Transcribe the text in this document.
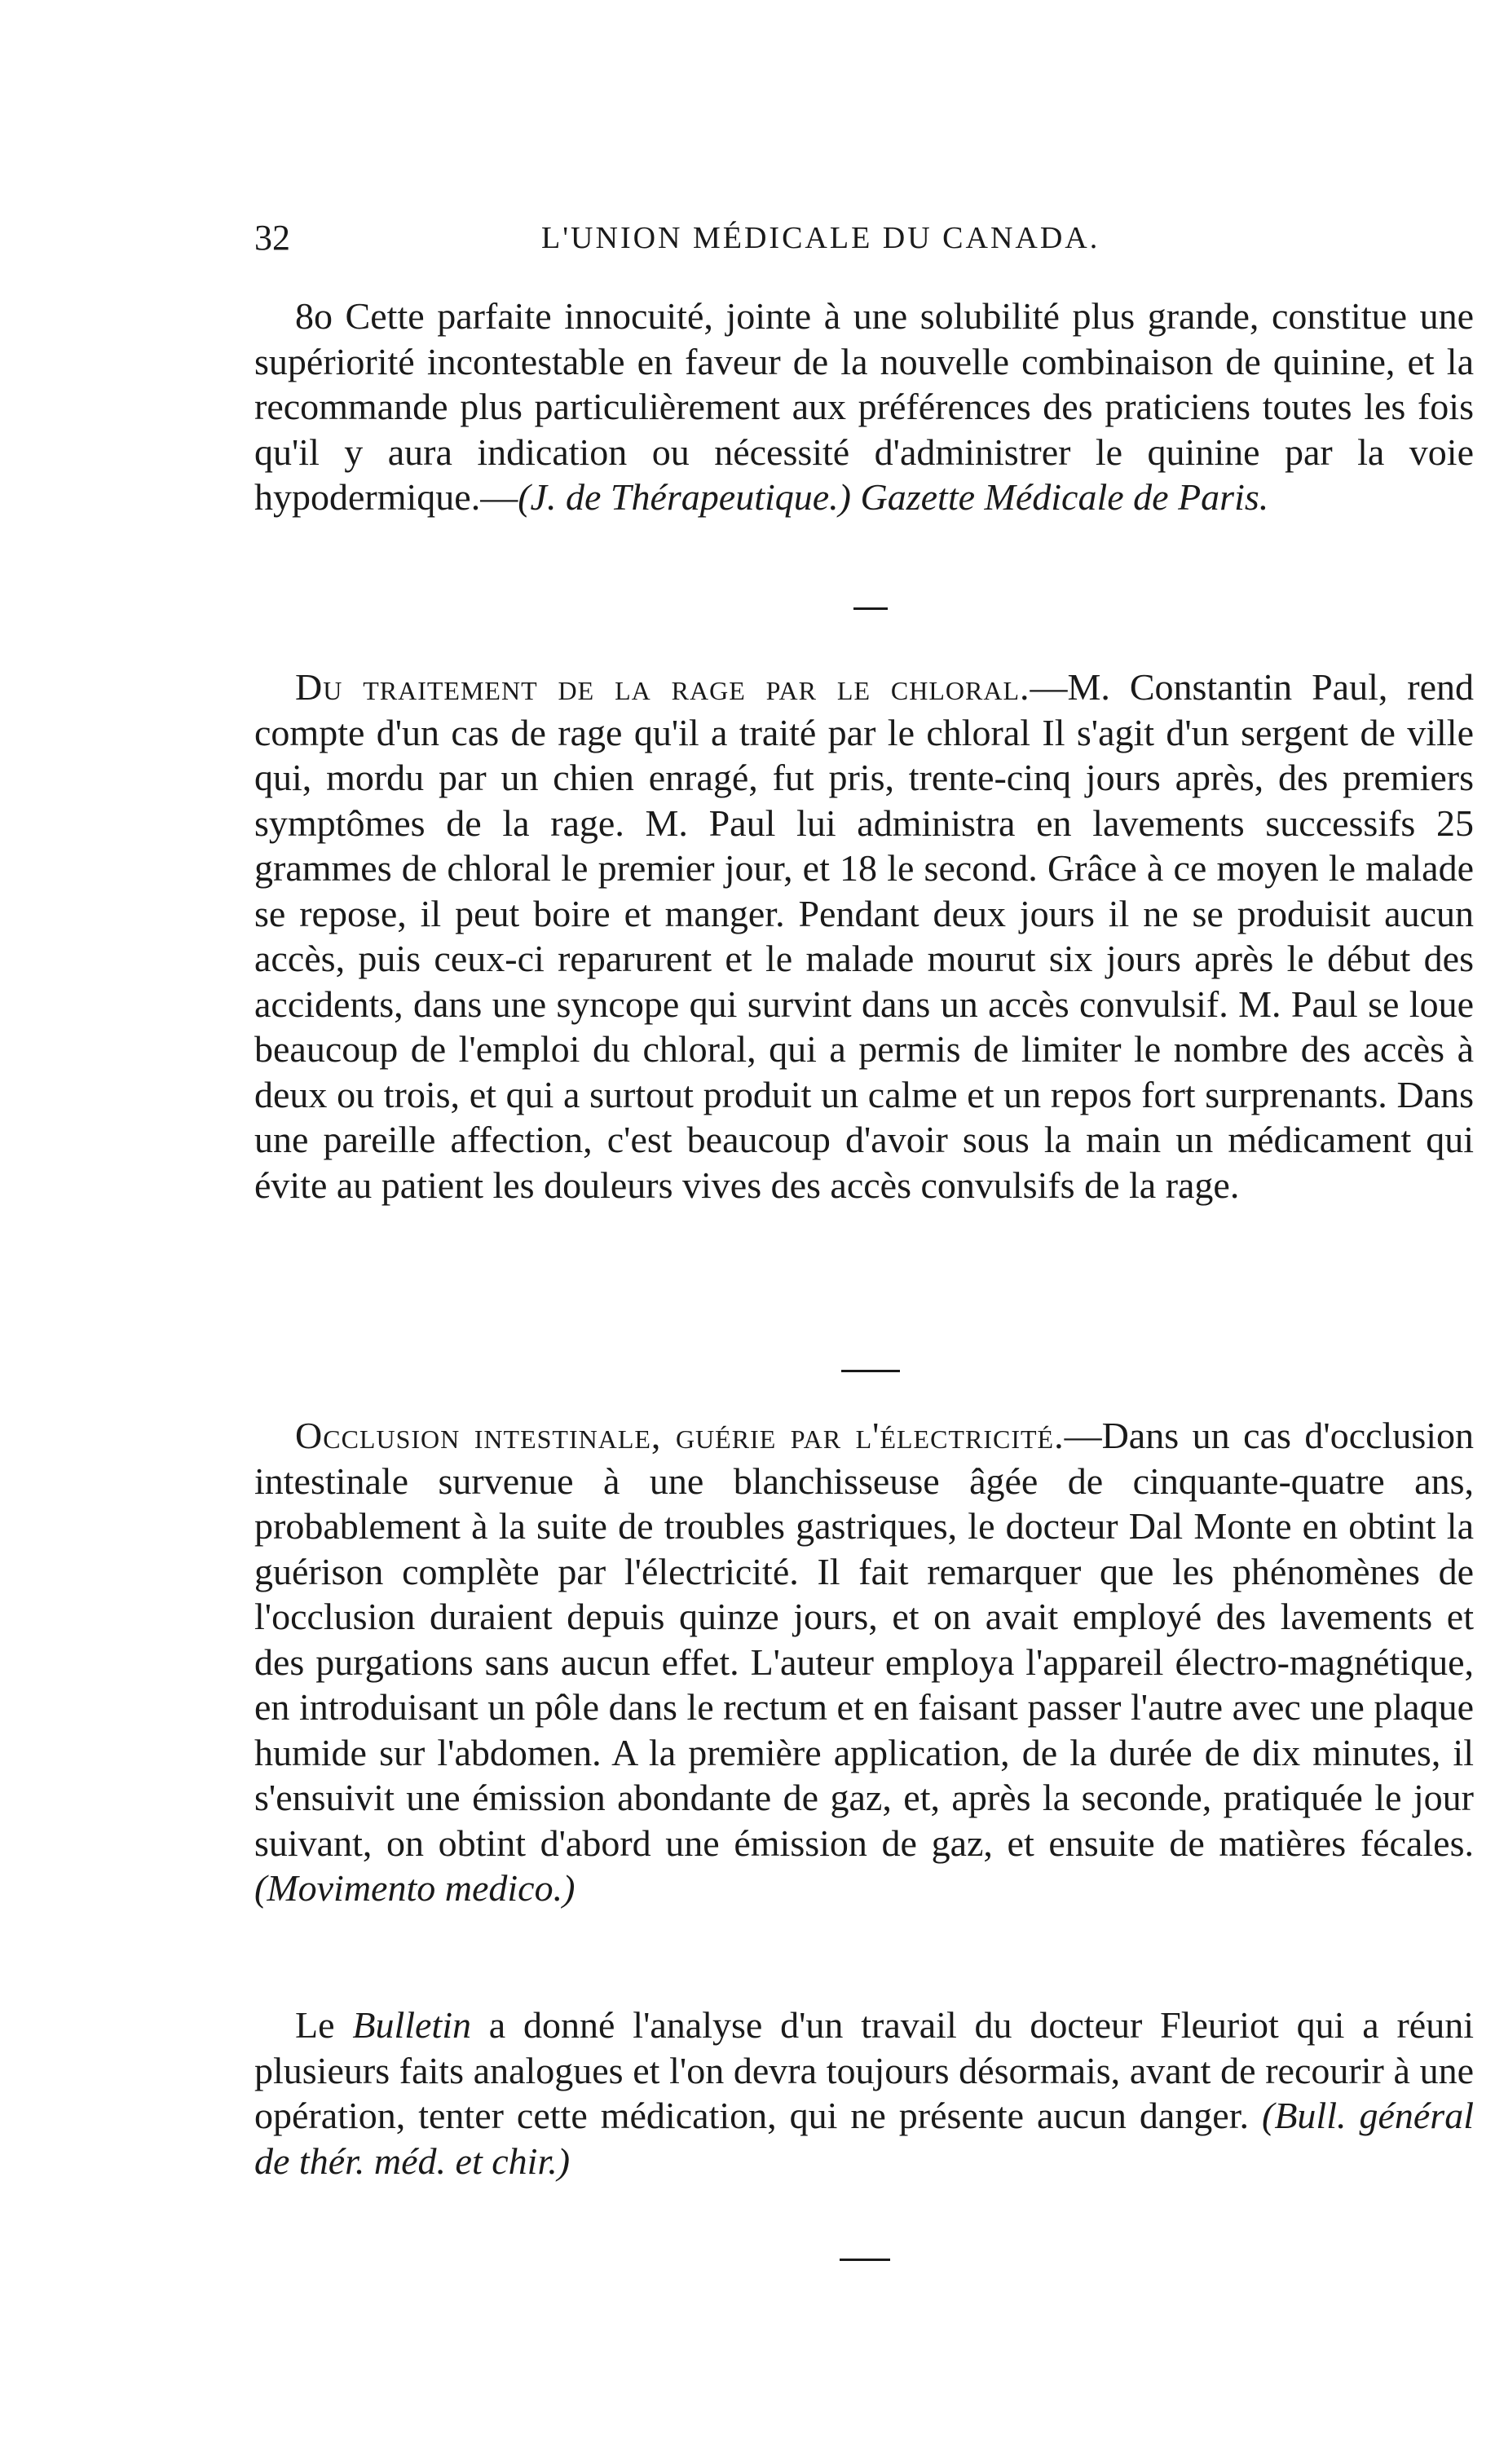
32	L'UNION MÉDICALE DU CANADA.

8o Cette parfaite innocuité, jointe à une solubilité plus grande, constitue une supériorité incontestable en faveur de la nouvelle combinaison de quinine, et la recommande plus particulièrement aux préférences des praticiens toutes les fois qu'il y aura indication ou nécessité d'administrer le quinine par la voie hypodermique.—(J. de Thérapeutique.) Gazette Médicale de Paris.

Du traitement de la rage par le chloral.—M. Constantin Paul, rend compte d'un cas de rage qu'il a traité par le chloral Il s'agit d'un sergent de ville qui, mordu par un chien enragé, fut pris, trente-cinq jours après, des premiers symptômes de la rage. M. Paul lui administra en lavements successifs 25 grammes de chloral le premier jour, et 18 le second. Grâce à ce moyen le malade se repose, il peut boire et manger. Pendant deux jours il ne se produisit aucun accès, puis ceux-ci reparurent et le malade mourut six jours après le début des accidents, dans une syncope qui survint dans un accès convulsif. M. Paul se loue beaucoup de l'emploi du chloral, qui a permis de limiter le nombre des accès à deux ou trois, et qui a surtout produit un calme et un repos fort surprenants. Dans une pareille affection, c'est beaucoup d'avoir sous la main un médicament qui évite au patient les douleurs vives des accès convulsifs de la rage.

Occlusion intestinale, guérie par l'électricité.—Dans un cas d'occlusion intestinale survenue à une blanchisseuse âgée de cinquante-quatre ans, probablement à la suite de troubles gastriques, le docteur Dal Monte en obtint la guérison complète par l'électricité. Il fait remarquer que les phénomènes de l'occlusion duraient depuis quinze jours, et on avait employé des lavements et des purgations sans aucun effet. L'auteur employa l'appareil électro-magnétique, en introduisant un pôle dans le rectum et en faisant passer l'autre avec une plaque humide sur l'abdomen. A la première application, de la durée de dix minutes, il s'ensuivit une émission abondante de gaz, et, après la seconde, pratiquée le jour suivant, on obtint d'abord une émission de gaz, et ensuite de matières fécales. (Movimento medico.)

Le Bulletin a donné l'analyse d'un travail du docteur Fleuriot qui a réuni plusieurs faits analogues et l'on devra toujours désormais, avant de recourir à une opération, tenter cette médication, qui ne présente aucun danger. (Bull. général de thér. méd. et chir.)
